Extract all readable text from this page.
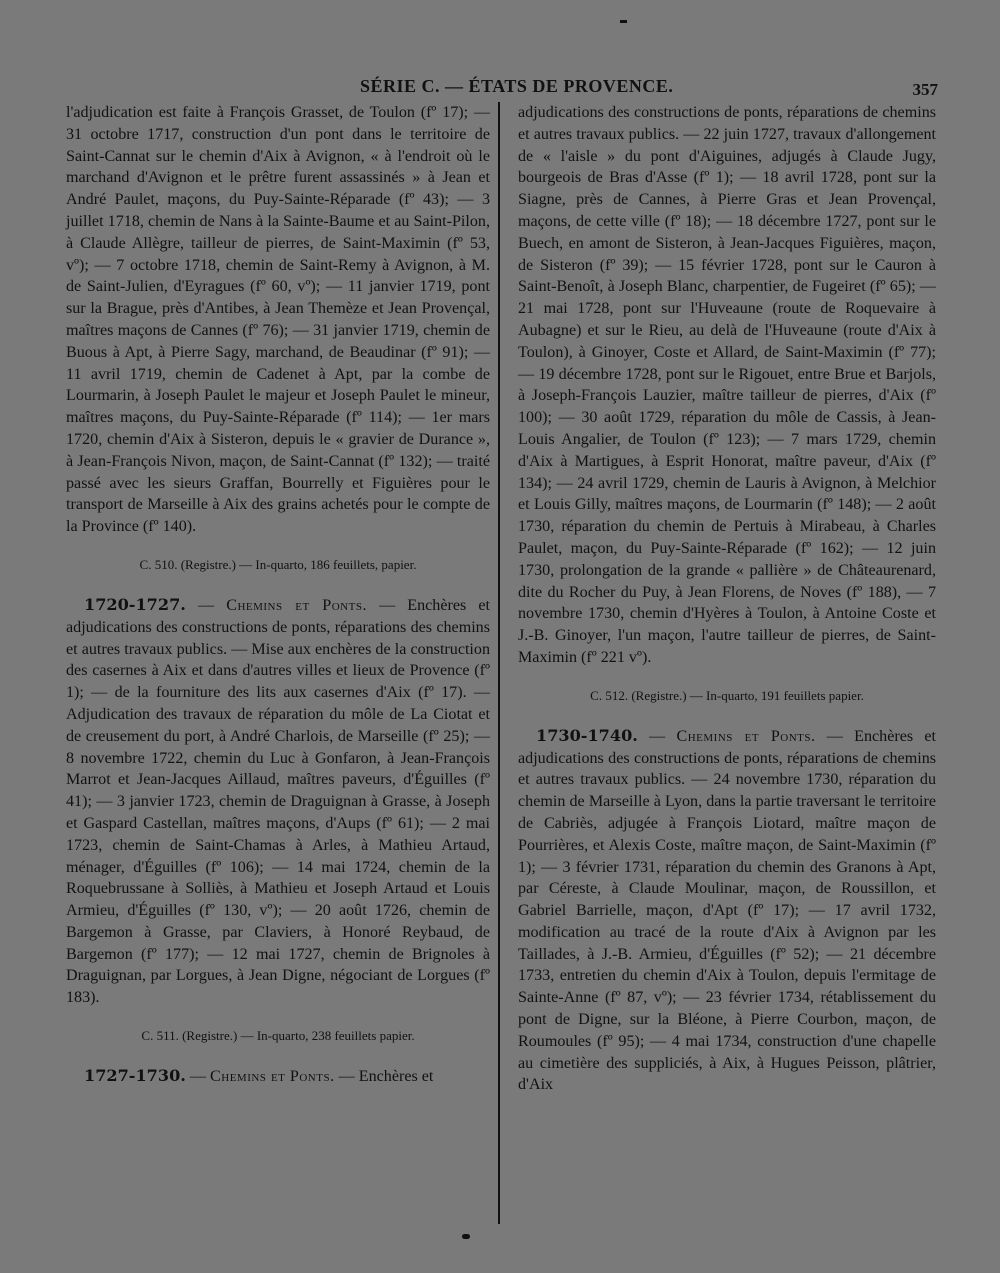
SÉRIE C. — ÉTATS DE PROVENCE.	357

l'adjudication est faite à François Grasset, de Toulon (fº 17); — 31 octobre 1717, construction d'un pont dans le territoire de Saint-Cannat sur le chemin d'Aix à Avignon, « à l'endroit où le marchand d'Avignon et le prêtre furent assassinés » à Jean et André Paulet, maçons, du Puy-Sainte-Réparade (fº 43); — 3 juillet 1718, chemin de Nans à la Sainte-Baume et au Saint-Pilon, à Claude Allègre, tailleur de pierres, de Saint-Maximin (fº 53, vº); — 7 octobre 1718, chemin de Saint-Remy à Avignon, à M. de Saint-Julien, d'Eyragues (fº 60, vº); — 11 janvier 1719, pont sur la Brague, près d'Antibes, à Jean Themèze et Jean Provençal, maîtres maçons de Cannes (fº 76); — 31 janvier 1719, chemin de Buous à Apt, à Pierre Sagy, marchand, de Beaudinar (fº 91); — 11 avril 1719, chemin de Cadenet à Apt, par la combe de Lourmarin, à Joseph Paulet le majeur et Joseph Paulet le mineur, maîtres maçons, du Puy-Sainte-Réparade (fº 114); — 1er mars 1720, chemin d'Aix à Sisteron, depuis le « gravier de Durance », à Jean-François Nivon, maçon, de Saint-Cannat (fº 132); — traité passé avec les sieurs Graffan, Bourrelly et Figuières pour le transport de Marseille à Aix des grains achetés pour le compte de la Province (fº 140).

C. 510. (Registre.) — In-quarto, 186 feuillets, papier.

1720-1727. — Chemins et Ponts. — Enchères et adjudications des constructions de ponts, réparations des chemins et autres travaux publics. — Mise aux enchères de la construction des casernes à Aix et dans d'autres villes et lieux de Provence (fº 1); — de la fourniture des lits aux casernes d'Aix (fº 17). — Adjudication des travaux de réparation du môle de La Ciotat et de creusement du port, à André Charlois, de Marseille (fº 25); — 8 novembre 1722, chemin du Luc à Gonfaron, à Jean-François Marrot et Jean-Jacques Aillaud, maîtres paveurs, d'Éguilles (fº 41); — 3 janvier 1723, chemin de Draguignan à Grasse, à Joseph et Gaspard Castellan, maîtres maçons, d'Aups (fº 61); — 2 mai 1723, chemin de Saint-Chamas à Arles, à Mathieu Artaud, ménager, d'Éguilles (fº 106); — 14 mai 1724, chemin de la Roquebrussane à Solliès, à Mathieu et Joseph Artaud et Louis Armieu, d'Éguilles (fº 130, vº); — 20 août 1726, chemin de Bargemon à Grasse, par Claviers, à Honoré Reybaud, de Bargemon (fº 177); — 12 mai 1727, chemin de Brignoles à Draguignan, par Lorgues, à Jean Digne, négociant de Lorgues (fº 183).

C. 511. (Registre.) — In-quarto, 238 feuillets papier.

1727-1730. — Chemins et Ponts. — Enchères et

adjudications des constructions de ponts, réparations de chemins et autres travaux publics. — 22 juin 1727, travaux d'allongement de « l'aisle » du pont d'Aiguines, adjugés à Claude Jugy, bourgeois de Bras d'Asse (fº 1); — 18 avril 1728, pont sur la Siagne, près de Cannes, à Pierre Gras et Jean Provençal, maçons, de cette ville (fº 18); — 18 décembre 1727, pont sur le Buech, en amont de Sisteron, à Jean-Jacques Figuières, maçon, de Sisteron (fº 39); — 15 février 1728, pont sur le Cauron à Saint-Benoît, à Joseph Blanc, charpentier, de Fugeiret (fº 65); — 21 mai 1728, pont sur l'Huveaune (route de Roquevaire à Aubagne) et sur le Rieu, au delà de l'Huveaune (route d'Aix à Toulon), à Ginoyer, Coste et Allard, de Saint-Maximin (fº 77); — 19 décembre 1728, pont sur le Rigouet, entre Brue et Barjols, à Joseph-François Lauzier, maître tailleur de pierres, d'Aix (fº 100); — 30 août 1729, réparation du môle de Cassis, à Jean-Louis Angalier, de Toulon (fº 123); — 7 mars 1729, chemin d'Aix à Martigues, à Esprit Honorat, maître paveur, d'Aix (fº 134); — 24 avril 1729, chemin de Lauris à Avignon, à Melchior et Louis Gilly, maîtres maçons, de Lourmarin (fº 148); — 2 août 1730, réparation du chemin de Pertuis à Mirabeau, à Charles Paulet, maçon, du Puy-Sainte-Réparade (fº 162); — 12 juin 1730, prolongation de la grande « pallière » de Châteaurenard, dite du Rocher du Puy, à Jean Florens, de Noves (fº 188), — 7 novembre 1730, chemin d'Hyères à Toulon, à Antoine Coste et J.-B. Ginoyer, l'un maçon, l'autre tailleur de pierres, de Saint-Maximin (fº 221 vº).

C. 512. (Registre.) — In-quarto, 191 feuillets papier.

1730-1740. — Chemins et Ponts. — Enchères et adjudications des constructions de ponts, réparations de chemins et autres travaux publics. — 24 novembre 1730, réparation du chemin de Marseille à Lyon, dans la partie traversant le territoire de Cabriès, adjugée à François Liotard, maître maçon de Pourrières, et Alexis Coste, maître maçon, de Saint-Maximin (fº 1); — 3 février 1731, réparation du chemin des Granons à Apt, par Céreste, à Claude Moulinar, maçon, de Roussillon, et Gabriel Barrielle, maçon, d'Apt (fº 17); — 17 avril 1732, modification au tracé de la route d'Aix à Avignon par les Taillades, à J.-B. Armieu, d'Éguilles (fº 52); — 21 décembre 1733, entretien du chemin d'Aix à Toulon, depuis l'ermitage de Sainte-Anne (fº 87, vº); — 23 février 1734, rétablissement du pont de Digne, sur la Bléone, à Pierre Courbon, maçon, de Roumoules (fº 95); — 4 mai 1734, construction d'une chapelle au cimetière des suppliciés, à Aix, à Hugues Peisson, plâtrier, d'Aix
